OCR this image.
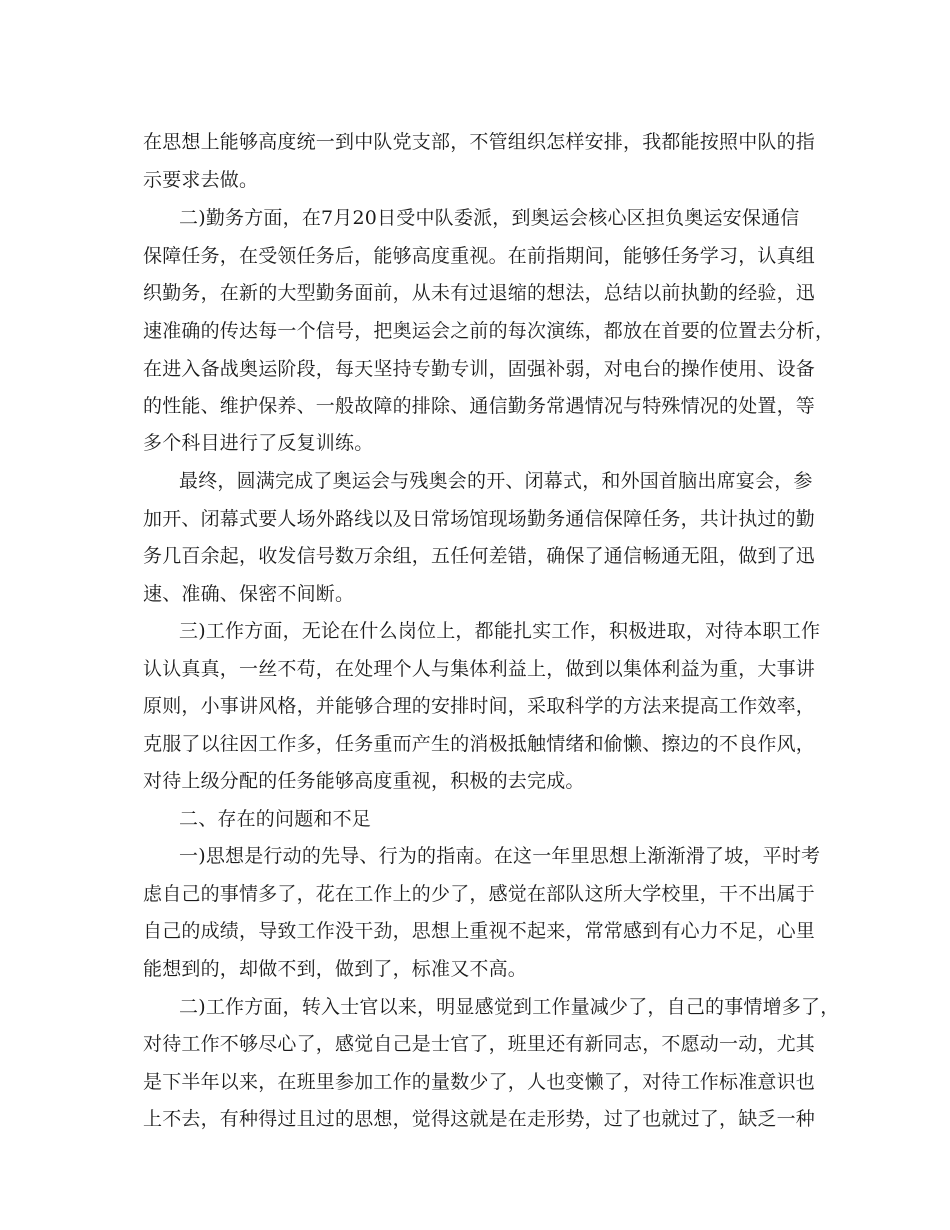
在思想上能够高度统一到中队党支部，不管组织怎样安排，我都能按照中队的指
示要求去做。
二)勤务方面，在7月20日受中队委派，到奥运会核心区担负奥运安保通信
保障任务，在受领任务后，能够高度重视。在前指期间，能够任务学习，认真组
织勤务，在新的大型勤务面前，从未有过退缩的想法，总结以前执勤的经验，迅
速准确的传达每一个信号，把奥运会之前的每次演练，都放在首要的位置去分析，
在进入备战奥运阶段，每天坚持专勤专训，固强补弱，对电台的操作使用、设备
的性能、维护保养、一般故障的排除、通信勤务常遇情况与特殊情况的处置，等
多个科目进行了反复训练。
最终，圆满完成了奥运会与残奥会的开、闭幕式，和外国首脑出席宴会，参
加开、闭幕式要人场外路线以及日常场馆现场勤务通信保障任务，共计执过的勤
务几百余起，收发信号数万余组，五任何差错，确保了通信畅通无阻，做到了迅
速、准确、保密不间断。
三)工作方面，无论在什么岗位上，都能扎实工作，积极进取，对待本职工作
认认真真，一丝不苟，在处理个人与集体利益上，做到以集体利益为重，大事讲
原则，小事讲风格，并能够合理的安排时间，采取科学的方法来提高工作效率，
克服了以往因工作多，任务重而产生的消极抵触情绪和偷懒、擦边的不良作风，
对待上级分配的任务能够高度重视，积极的去完成。
二、存在的问题和不足
一)思想是行动的先导、行为的指南。在这一年里思想上渐渐滑了坡，平时考
虑自己的事情多了，花在工作上的少了，感觉在部队这所大学校里，干不出属于
自己的成绩，导致工作没干劲，思想上重视不起来，常常感到有心力不足，心里
能想到的，却做不到，做到了，标准又不高。
二)工作方面，转入士官以来，明显感觉到工作量减少了，自己的事情增多了，
对待工作不够尽心了，感觉自己是士官了，班里还有新同志，不愿动一动，尤其
是下半年以来，在班里参加工作的量数少了，人也变懒了，对待工作标准意识也
上不去，有种得过且过的思想，觉得这就是在走形势，过了也就过了，缺乏一种
